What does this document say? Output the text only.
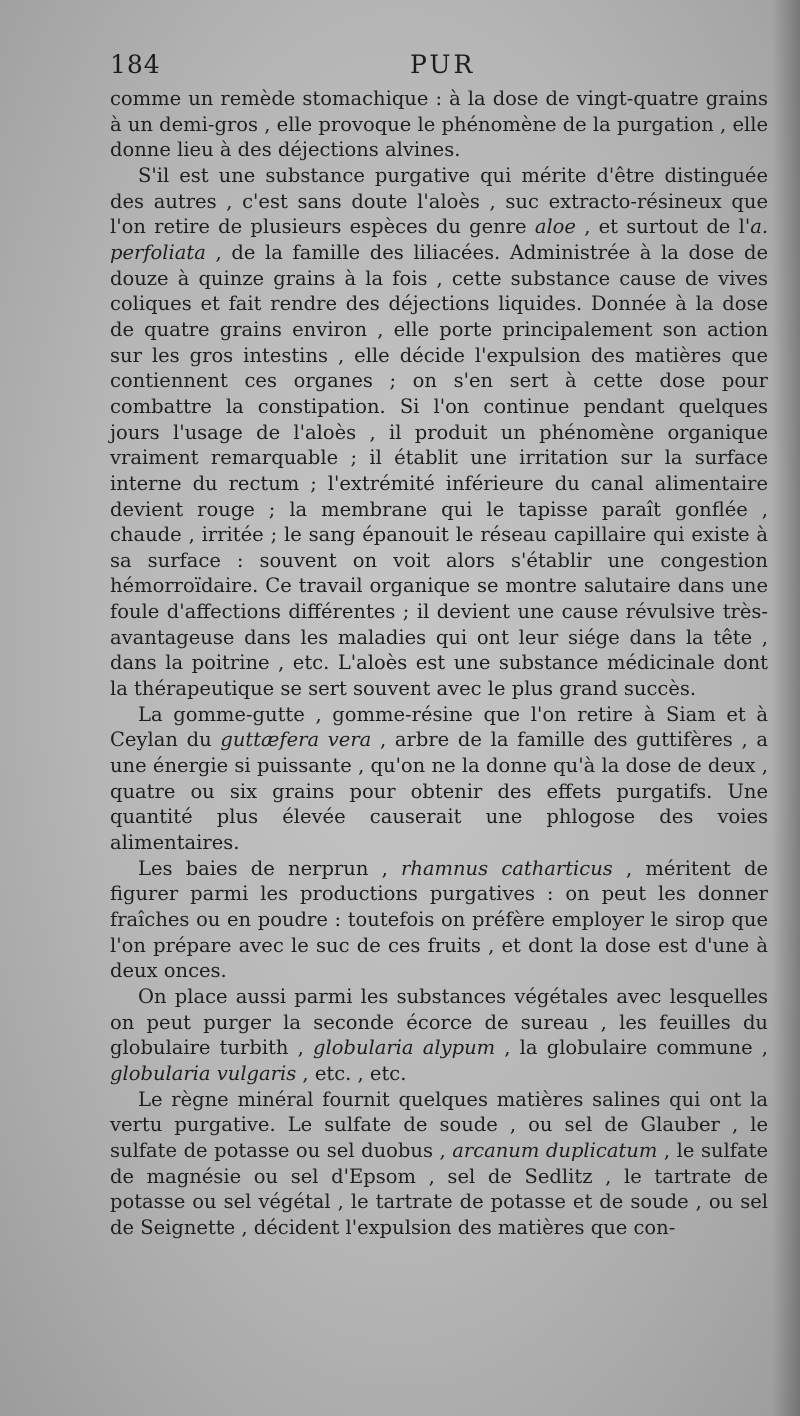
184	PUR

comme un remède stomachique : à la dose de vingt-quatre grains à un demi-gros , elle provoque le phénomène de la purgation , elle donne lieu à des déjections alvines.

S'il est une substance purgative qui mérite d'être distinguée des autres , c'est sans doute l'aloès , suc extracto-résineux que l'on retire de plusieurs espèces du genre aloe , et surtout de l'a. perfoliata , de la famille des liliacées. Administrée à la dose de douze à quinze grains à la fois , cette substance cause de vives coliques et fait rendre des déjections liquides. Donnée à la dose de quatre grains environ , elle porte principalement son action sur les gros intestins , elle décide l'expulsion des matières que contiennent ces organes ; on s'en sert à cette dose pour combattre la constipation. Si l'on continue pendant quelques jours l'usage de l'aloès , il produit un phénomène organique vraiment remarquable ; il établit une irritation sur la surface interne du rectum ; l'extrémité inférieure du canal alimentaire devient rouge ; la membrane qui le tapisse paraît gonflée , chaude , irritée ; le sang épanouit le réseau capillaire qui existe à sa surface : souvent on voit alors s'établir une congestion hémorroïdaire. Ce travail organique se montre salutaire dans une foule d'affections différentes ; il devient une cause révulsive très-avantageuse dans les maladies qui ont leur siége dans la tête , dans la poitrine , etc. L'aloès est une substance médicinale dont la thérapeutique se sert souvent avec le plus grand succès.

La gomme-gutte , gomme-résine que l'on retire à Siam et à Ceylan du guttæfera vera , arbre de la famille des guttifères , a une énergie si puissante , qu'on ne la donne qu'à la dose de deux , quatre ou six grains pour obtenir des effets purgatifs. Une quantité plus élevée causerait une phlogose des voies alimentaires.

Les baies de nerprun , rhamnus catharticus , méritent de figurer parmi les productions purgatives : on peut les donner fraîches ou en poudre : toutefois on préfère employer le sirop que l'on prépare avec le suc de ces fruits , et dont la dose est d'une à deux onces.

On place aussi parmi les substances végétales avec lesquelles on peut purger la seconde écorce de sureau , les feuilles du globulaire turbith , globularia alypum , la globulaire commune , globularia vulgaris , etc. , etc.

Le règne minéral fournit quelques matières salines qui ont la vertu purgative. Le sulfate de soude , ou sel de Glauber , le sulfate de potasse ou sel duobus , arcanum duplicatum , le sulfate de magnésie ou sel d'Epsom , sel de Sedlitz , le tartrate de potasse ou sel végétal , le tartrate de potasse et de soude , ou sel de Seignette , décident l'expulsion des matières que con-
